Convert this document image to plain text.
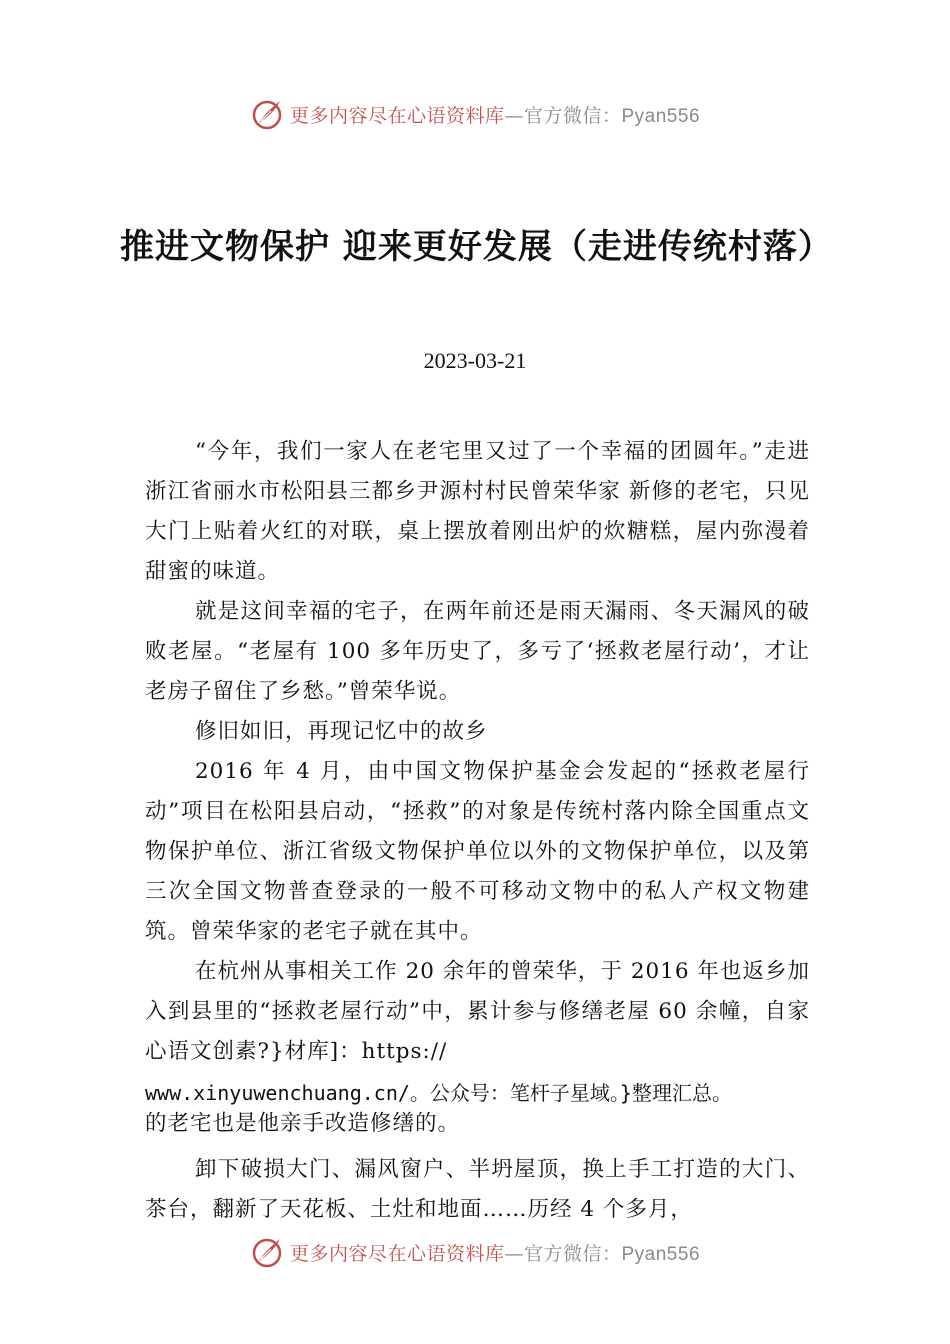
更多内容尽在心语资料库—官方微信：Pyan556
推进文物保护 迎来更好发展（走进传统村落）
2023-03-21

“今年，我们一家人在老宅里又过了一个幸福的团圆年。”走进浙江省丽水市松阳县三都乡尹源村村民曾荣华家 新修的老宅，只见大门上贴着火红的对联，桌上摆放着刚出炉的炊糖糕，屋内弥漫着甜蜜的味道。

就是这间幸福的宅子，在两年前还是雨天漏雨、冬天漏风的破败老屋。“老屋有 100 多年历史了，多亏了‘拯救老屋行动’，才让老房子留住了乡愁。”曾荣华说。

修旧如旧，再现记忆中的故乡

2016 年 4 月，由中国文物保护基金会发起的“拯救老屋行动”项目在松阳县启动，“拯救”的对象是传统村落内除全国重点文物保护单位、浙江省级文物保护单位以外的文物保护单位，以及第三次全国文物普查登录的一般不可移动文物中的私人产权文物建筑。曾荣华家的老宅子就在其中。

在杭州从事相关工作 20 余年的曾荣华，于 2016 年也返乡加入到县里的“拯救老屋行动”中，累计参与修缮老屋 60 余幢，自家心语文创素?}材库]：https://

www.xinyuwenchuang.cn/。公众号：笔杆子星域。}整理汇总。

的老宅也是他亲手改造修缮的。

卸下破损大门、漏风窗户、半坍屋顶，换上手工打造的大门、茶台，翻新了天花板、土灶和地面……历经 4 个多月，

更多内容尽在心语资料库—官方微信：Pyan556
